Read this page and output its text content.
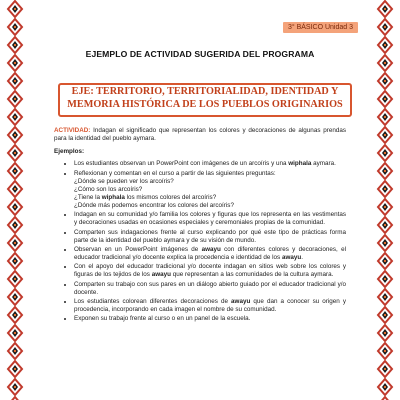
3° BÁSICO Unidad 3
EJEMPLO DE ACTIVIDAD SUGERIDA DEL PROGRAMA
EJE: TERRITORIO, TERRITORIALIDAD, IDENTIDAD Y
MEMORIA HISTÓRICA DE LOS PUEBLOS ORIGINARIOS
ACTIVIDAD: Indagan el significado que representan los colores y decoraciones de algunas prendas para la identidad del pueblo aymara.
Ejemplos:
• Los estudiantes observan un PowerPoint con imágenes de un arcoíris y una wiphala aymara.
• Reflexionan y comentan en el curso a partir de las siguientes preguntas:
¿Dónde se pueden ver los arcoíris?
¿Cómo son los arcoíris?
¿Tiene la wiphala los mismos colores del arcoíris?
¿Dónde más podemos encontrar los colores del arcoíris?
• Indagan en su comunidad y/o familia los colores y figuras que los representa en las vestimentas y decoraciones usadas en ocasiones especiales y ceremoniales propias de la comunidad.
• Comparten sus indagaciones frente al curso explicando por qué este tipo de prácticas forma parte de la identidad del pueblo aymara y de su visión de mundo.
• Observan en un PowerPoint imágenes de awayu con diferentes colores y decoraciones, el educador tradicional y/o docente explica la procedencia e identidad de los awayu.
• Con el apoyo del educador tradicional y/o docente indagan en sitios web sobre los colores y figuras de los tejidos de los awayu que representan a las comunidades de la cultura aymara.
• Comparten su trabajo con sus pares en un diálogo abierto guiado por el educador tradicional y/o docente.
• Los estudiantes colorean diferentes decoraciones de awayu que dan a conocer su origen y procedencia, incorporando en cada imagen el nombre de su comunidad.
• Exponen su trabajo frente al curso o en un panel de la escuela.
